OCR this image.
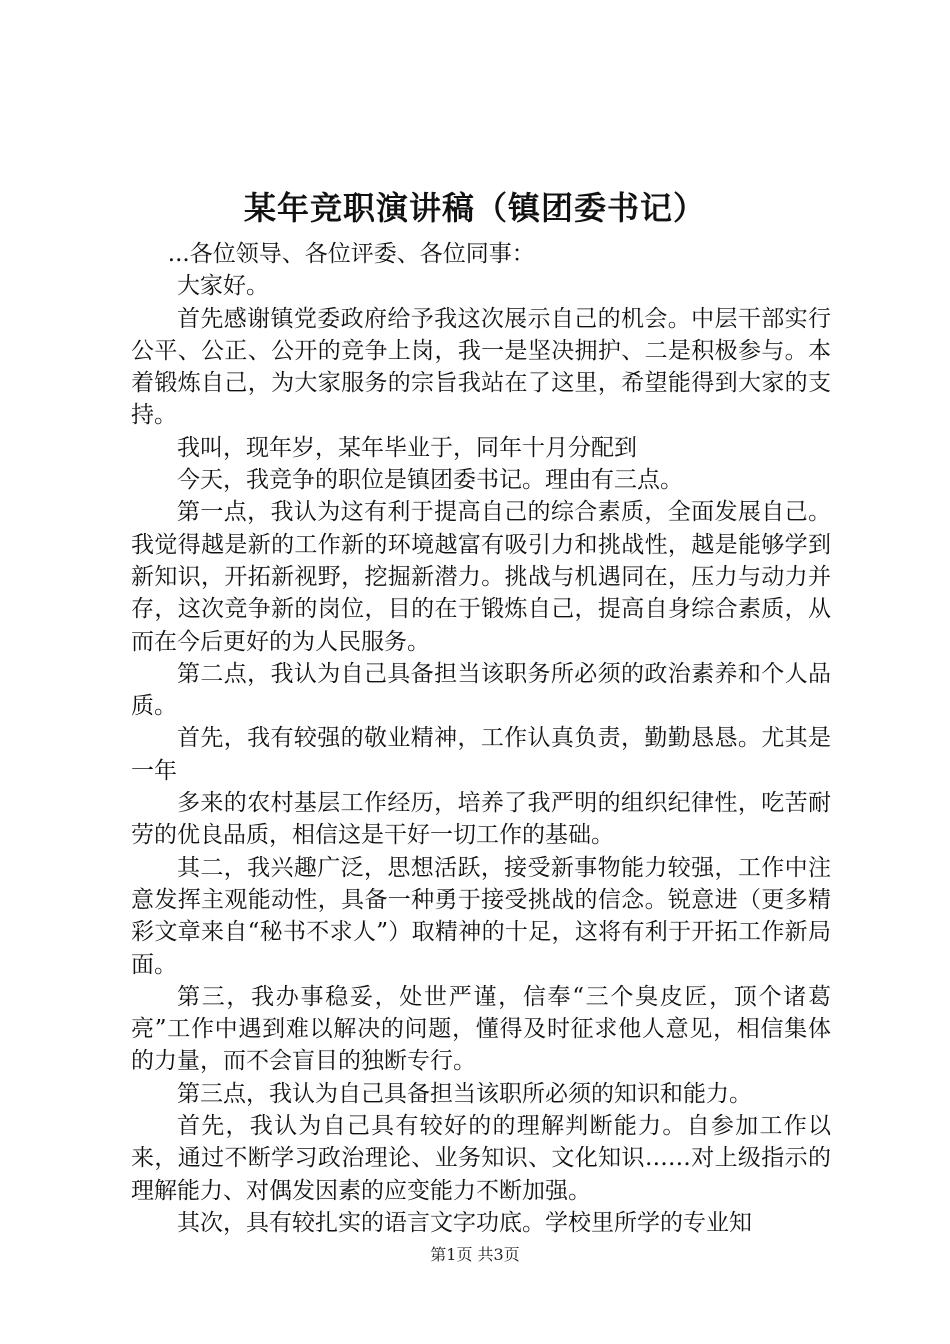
某年竞职演讲稿（镇团委书记）

...各位领导、各位评委、各位同事：

大家好。

首先感谢镇党委政府给予我这次展示自己的机会。中层干部实行公平、公正、公开的竞争上岗，我一是坚决拥护、二是积极参与。本着锻炼自己，为大家服务的宗旨我站在了这里，希望能得到大家的支持。

我叫，现年岁，某年毕业于，同年十月分配到

今天，我竞争的职位是镇团委书记。理由有三点。

第一点，我认为这有利于提高自己的综合素质，全面发展自己。我觉得越是新的工作新的环境越富有吸引力和挑战性，越是能够学到新知识，开拓新视野，挖掘新潜力。挑战与机遇同在，压力与动力并存，这次竞争新的岗位，目的在于锻炼自己，提高自身综合素质，从而在今后更好的为人民服务。

第二点，我认为自己具备担当该职务所必须的政治素养和个人品质。

首先，我有较强的敬业精神，工作认真负责，勤勤恳恳。尤其是一年

多来的农村基层工作经历，培养了我严明的组织纪律性，吃苦耐劳的优良品质，相信这是干好一切工作的基础。

其二，我兴趣广泛，思想活跃，接受新事物能力较强，工作中注意发挥主观能动性，具备一种勇于接受挑战的信念。锐意进（更多精彩文章来自“秘书不求人”）取精神的十足，这将有利于开拓工作新局面。

第三，我办事稳妥，处世严谨，信奉“三个臭皮匠，顶个诸葛亮”工作中遇到难以解决的问题，懂得及时征求他人意见，相信集体的力量，而不会盲目的独断专行。

第三点，我认为自己具备担当该职所必须的知识和能力。

首先，我认为自己具有较好的的理解判断能力。自参加工作以来，通过不断学习政治理论、业务知识、文化知识……对上级指示的理解能力、对偶发因素的应变能力不断加强。

其次，具有较扎实的语言文字功底。学校里所学的专业知

第1页 共3页
